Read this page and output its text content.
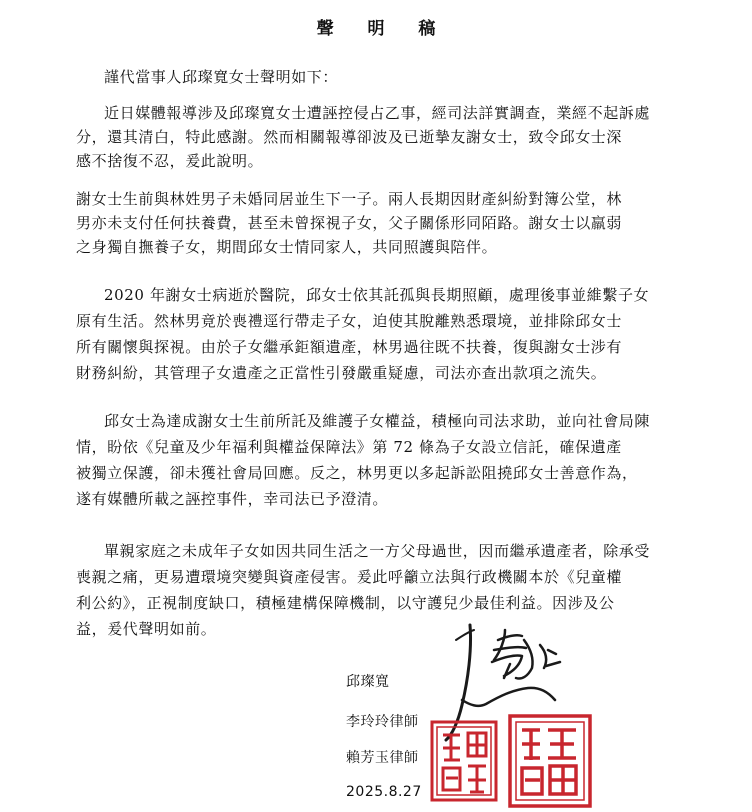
聲 明 稿
謹代當事人邱璨寬女士聲明如下：
近日媒體報導涉及邱璨寬女士遭誣控侵占乙事，經司法詳實調查，業經不起訴處
分，還其清白，特此感謝。然而相關報導卻波及已逝摯友謝女士，致令邱女士深
感不捨復不忍，爰此說明。
謝女士生前與林姓男子未婚同居並生下一子。兩人長期因財產糾紛對簿公堂，林
男亦未支付任何扶養費，甚至未曾探視子女，父子關係形同陌路。謝女士以羸弱
之身獨自撫養子女，期間邱女士情同家人，共同照護與陪伴。
2020 年謝女士病逝於醫院，邱女士依其託孤與長期照顧，處理後事並維繫子女
原有生活。然林男竟於喪禮逕行帶走子女，迫使其脫離熟悉環境，並排除邱女士
所有關懷與探視。由於子女繼承鉅額遺產，林男過往既不扶養，復與謝女士涉有
財務糾紛，其管理子女遺產之正當性引發嚴重疑慮，司法亦查出款項之流失。
邱女士為達成謝女士生前所託及維護子女權益，積極向司法求助，並向社會局陳
情，盼依《兒童及少年福利與權益保障法》第 72 條為子女設立信託，確保遺產
被獨立保護，卻未獲社會局回應。反之，林男更以多起訴訟阻撓邱女士善意作為，
遂有媒體所載之誣控事件，幸司法已予澄清。
單親家庭之未成年子女如因共同生活之一方父母過世，因而繼承遺產者，除承受
喪親之痛，更易遭環境突變與資產侵害。爰此呼籲立法與行政機關本於《兒童權
利公約》，正視制度缺口，積極建構保障機制，以守護兒少最佳利益。因涉及公
益，爰代聲明如前。
邱璨寬
李玲玲律師
賴芳玉律師
2025.8.27
